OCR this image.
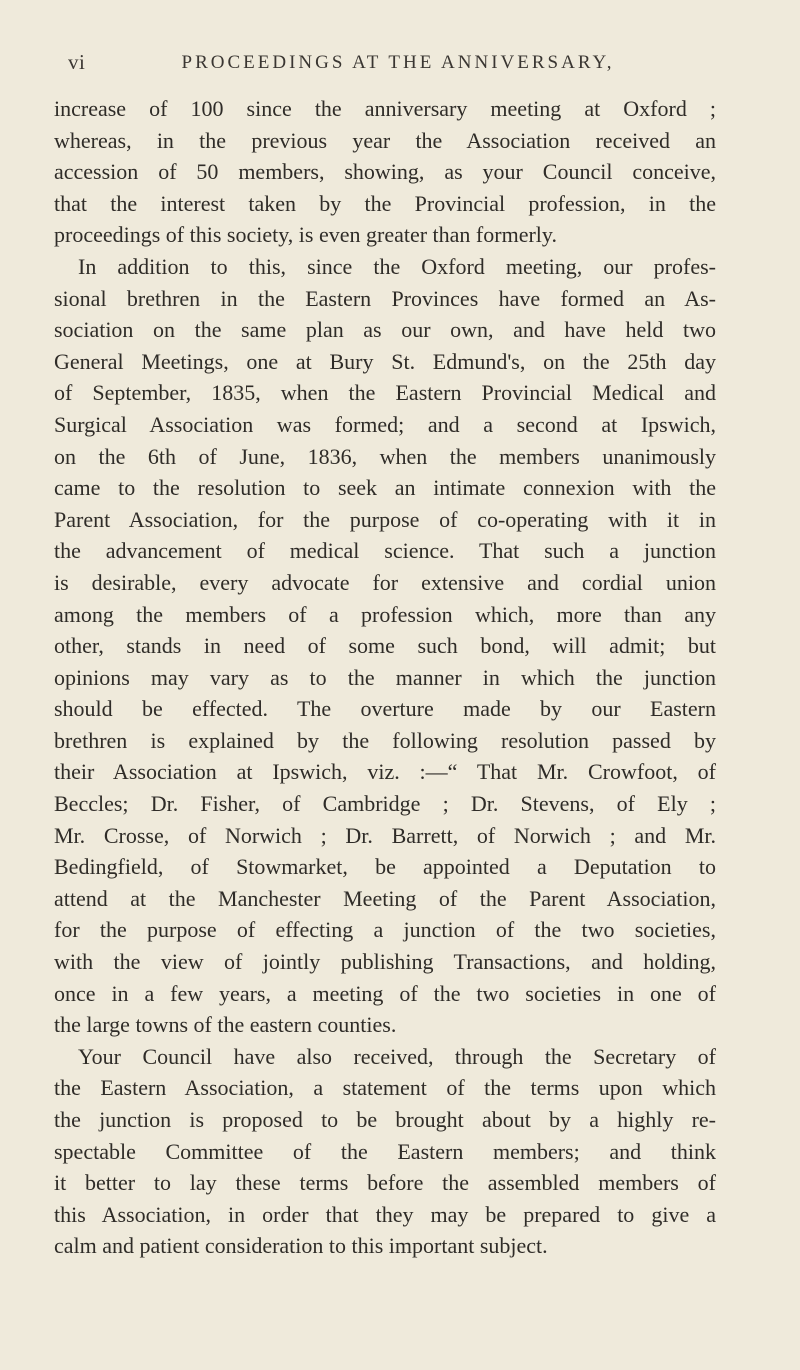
vi	PROCEEDINGS AT THE ANNIVERSARY,
increase of 100 since the anniversary meeting at Oxford ;
whereas, in the previous year the Association received an
accession of 50 members, showing, as your Council conceive,
that the interest taken by the Provincial profession, in the
proceedings of this society, is even greater than formerly.
In addition to this, since the Oxford meeting, our profes-
sional brethren in the Eastern Provinces have formed an As-
sociation on the same plan as our own, and have held two
General Meetings, one at Bury St. Edmund's, on the 25th day
of September, 1835, when the Eastern Provincial Medical and
Surgical Association was formed; and a second at Ipswich,
on the 6th of June, 1836, when the members unanimously
came to the resolution to seek an intimate connexion with the
Parent Association, for the purpose of co-operating with it in
the advancement of medical science. That such a junction
is desirable, every advocate for extensive and cordial union
among the members of a profession which, more than any
other, stands in need of some such bond, will admit; but
opinions may vary as to the manner in which the junction
should be effected. The overture made by our Eastern
brethren is explained by the following resolution passed by
their Association at Ipswich, viz. :—“ That Mr. Crowfoot, of
Beccles; Dr. Fisher, of Cambridge ; Dr. Stevens, of Ely ;
Mr. Crosse, of Norwich ; Dr. Barrett, of Norwich ; and Mr.
Bedingfield, of Stowmarket, be appointed a Deputation to
attend at the Manchester Meeting of the Parent Association,
for the purpose of effecting a junction of the two societies,
with the view of jointly publishing Transactions, and holding,
once in a few years, a meeting of the two societies in one of
the large towns of the eastern counties.
Your Council have also received, through the Secretary of
the Eastern Association, a statement of the terms upon which
the junction is proposed to be brought about by a highly re-
spectable Committee of the Eastern members; and think
it better to lay these terms before the assembled members of
this Association, in order that they may be prepared to give a
calm and patient consideration to this important subject.
